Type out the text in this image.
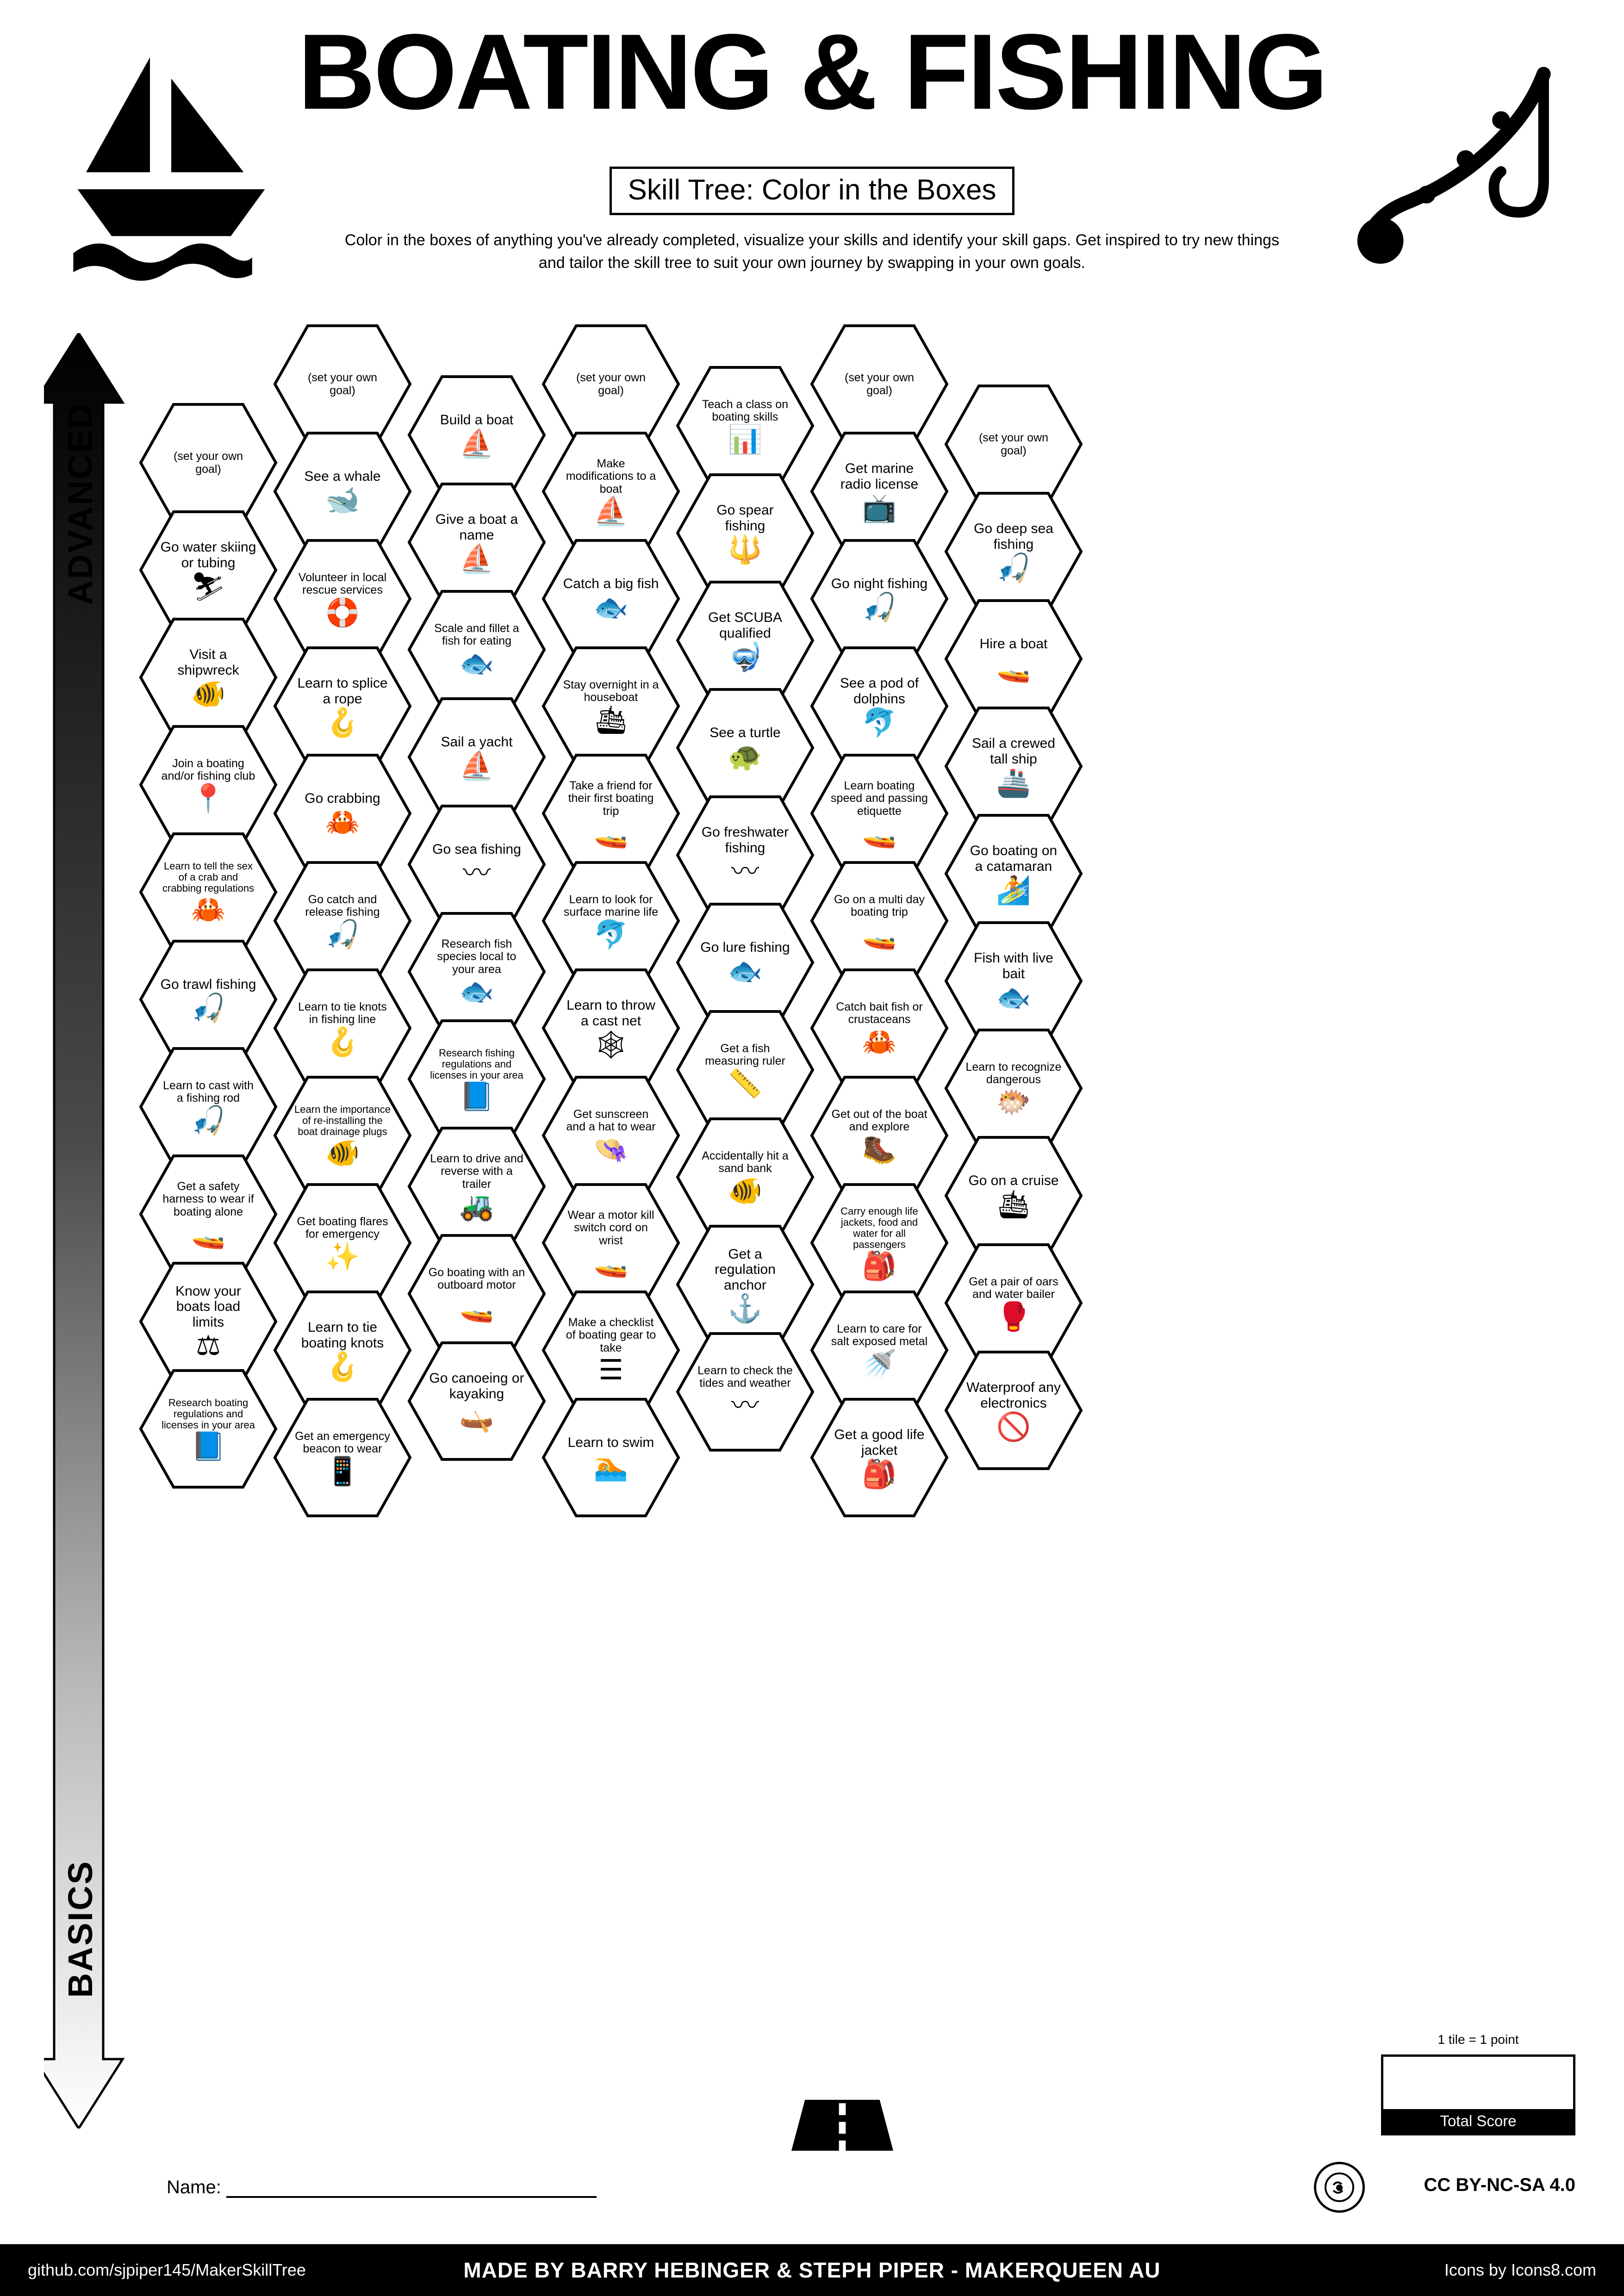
BOATING & FISHING
Skill Tree: Color in the Boxes
Color in the boxes of anything you've already completed, visualize your skills and identify your skill gaps. Get inspired to try new things and tailor the skill tree to suit your own journey by swapping in your own goals.
ADVANCED
BASICS
(set your own goal)
Go water skiing or tubing
⛷
Visit a shipwreck
🐠
Join a boating and/or fishing club
📍
Learn to tell the sex of a crab and crabbing regulations
🦀
Go trawl fishing
🎣
Learn to cast with a fishing rod
🎣
Get a safety harness to wear if boating alone
🚤
Know your boats load limits
⚖
Research boating regulations and licenses in your area
📘
(set your own goal)
See a whale
🐋
Volunteer in local rescue services
🛟
Learn to splice a rope
🪝
Go crabbing
🦀
Go catch and release fishing
🎣
Learn to tie knots in fishing line
🪝
Learn the importance of re-installing the boat drainage plugs
🐠
Get boating flares for emergency
✨
Learn to tie boating knots
🪝
Get an emergency beacon to wear
📱
Build a boat
⛵
Give a boat a name
⛵
Scale and fillet a fish for eating
🐟
Sail a yacht
⛵
Go sea fishing
〰
Research fish species local to your area
🐟
Research fishing regulations and licenses in your area
📘
Learn to drive and reverse with a trailer
🚜
Go boating with an outboard motor
🚤
Go canoeing or kayaking
🛶
(set your own goal)
Make modifications to a boat
⛵
Catch a big fish
🐟
Stay overnight in a houseboat
🛳
Take a friend for their first boating trip
🚤
Learn to look for surface marine life
🐬
Learn to throw a cast net
🕸
Get sunscreen and a hat to wear
👒
Wear a motor kill switch cord on wrist
🚤
Make a checklist of boating gear to take
☰
Learn to swim
🏊
Teach a class on boating skills
📊
Go spear fishing
🔱
Get SCUBA qualified
🤿
See a turtle
🐢
Go freshwater fishing
〰
Go lure fishing
🐟
Get a fish measuring ruler
📏
Accidentally hit a sand bank
🐠
Get a regulation anchor
⚓
Learn to check the tides and weather
〰
(set your own goal)
Get marine radio license
📺
Go night fishing
🎣
See a pod of dolphins
🐬
Learn boating speed and passing etiquette
🚤
Go on a multi day boating trip
🚤
Catch bait fish or crustaceans
🦀
Get out of the boat and explore
🥾
Carry enough life jackets, food and water for all passengers
🎒
Learn to care for salt exposed metal
🚿
Get a good life jacket
🎒
(set your own goal)
Go deep sea fishing
🎣
Hire a boat
🚤
Sail a crewed tall ship
🚢
Go boating on a catamaran
🏄
Fish with live bait
🐟
Learn to recognize dangerous
🐡
Go on a cruise
🛳
Get a pair of oars and water bailer
🥊
Waterproof any electronics
🚫
1 tile = 1 point
Total Score
Name:	CC BY-NC-SA 4.0
github.com/sjpiper145/MakerSkillTree	MADE BY BARRY HEBINGER & STEPH PIPER - MAKERQUEEN AU	Icons by Icons8.com
